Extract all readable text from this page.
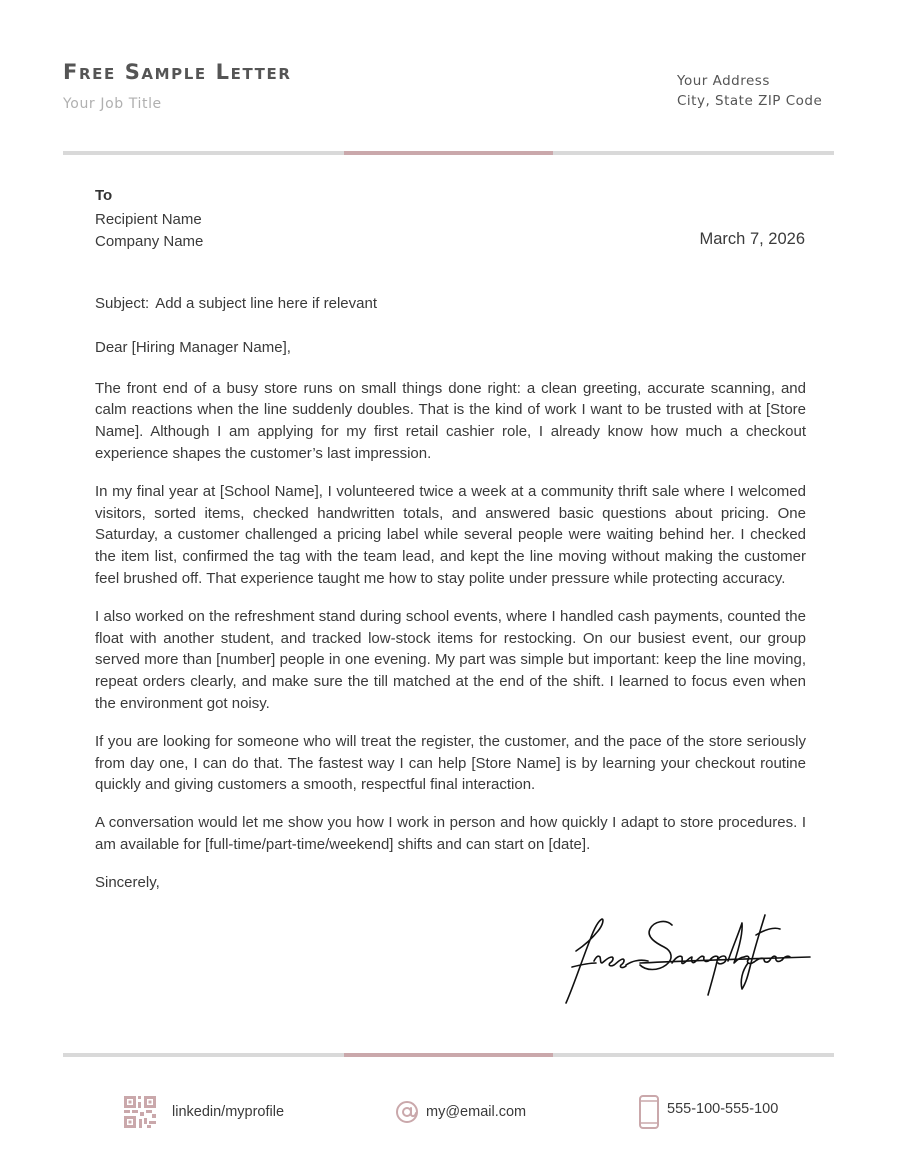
Free Sample Letter
Your Job Title
Your Address
City, State ZIP Code
To
Recipient Name
Company Name	March 7, 2026

Subject: Add a subject line here if relevant

Dear [Hiring Manager Name],

The front end of a busy store runs on small things done right: a clean greeting, accurate scanning, and calm reactions when the line suddenly doubles. That is the kind of work I want to be trusted with at [Store Name]. Although I am applying for my first retail cashier role, I already know how much a checkout experience shapes the customer’s last impression.

In my final year at [School Name], I volunteered twice a week at a community thrift sale where I welcomed visitors, sorted items, checked handwritten totals, and answered basic questions about pricing. One Saturday, a customer challenged a pricing label while several people were waiting behind her. I checked the item list, confirmed the tag with the team lead, and kept the line moving without making the customer feel brushed off. That experience taught me how to stay polite under pressure while protecting accuracy.

I also worked on the refreshment stand during school events, where I handled cash payments, counted the float with another student, and tracked low-stock items for restocking. On our busiest event, our group served more than [number] people in one evening. My part was simple but important: keep the line moving, repeat orders clearly, and make sure the till matched at the end of the shift. I learned to focus even when the environment got noisy.

If you are looking for someone who will treat the register, the customer, and the pace of the store seriously from day one, I can do that. The fastest way I can help [Store Name] is by learning your checkout routine quickly and giving customers a smooth, respectful final interaction.

A conversation would let me show you how I work in person and how quickly I adapt to store procedures. I am available for [full-time/part-time/weekend] shifts and can start on [date].

Sincerely,

linkedin/myprofile	my@email.com	555-100-555-100
